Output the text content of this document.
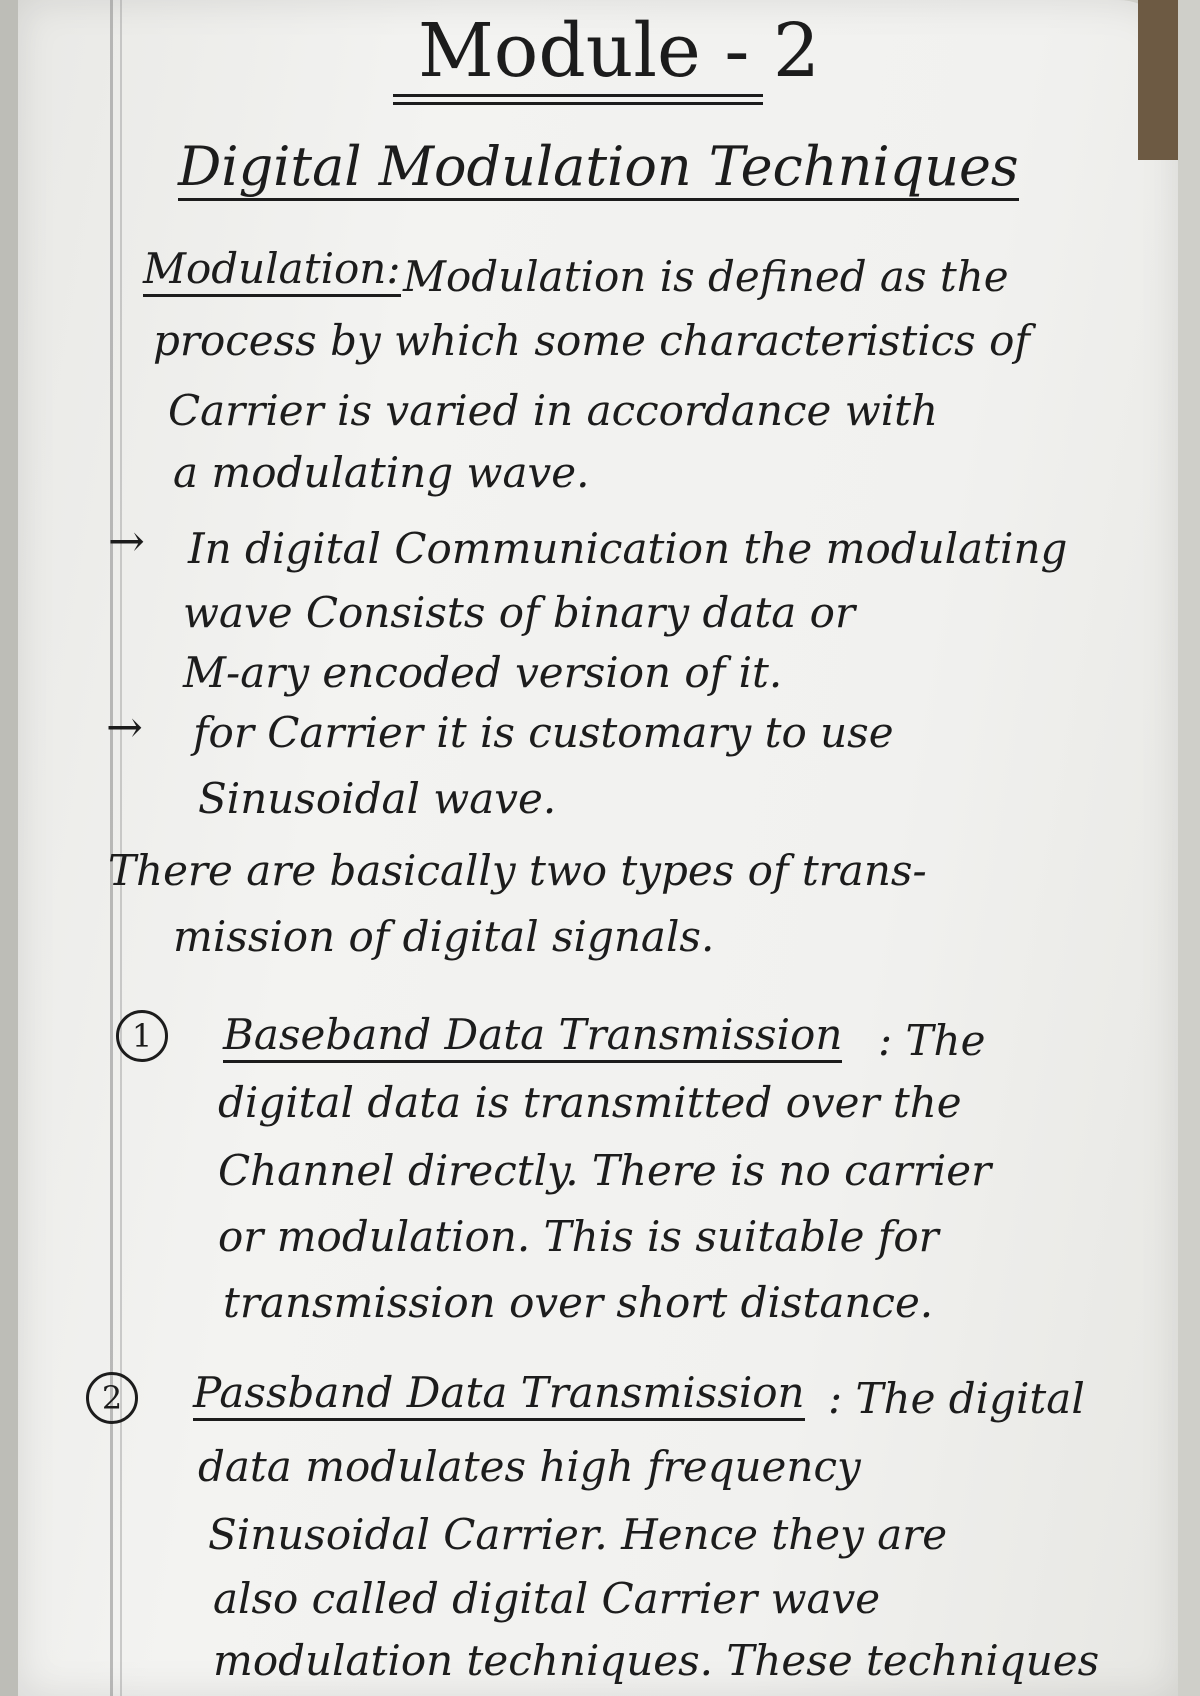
Module - 2
Digital Modulation Techniques
Modulation: Modulation is defined as the
process by which some characteristics of
Carrier is varied in accordance with
a modulating wave.
→ In digital Communication the modulating
wave Consists of binary data or
M-ary encoded version of it.
→ for Carrier it is customary to use
Sinusoidal wave.
There are basically two types of trans-
mission of digital signals.
1	Baseband Data Transmission : The
digital data is transmitted over the
Channel directly. There is no carrier
or modulation. This is suitable for
transmission over short distance.
2	Passband Data Transmission : The digital
data modulates high frequency
Sinusoidal Carrier. Hence they are
also called digital Carrier wave
modulation techniques. These techniques
